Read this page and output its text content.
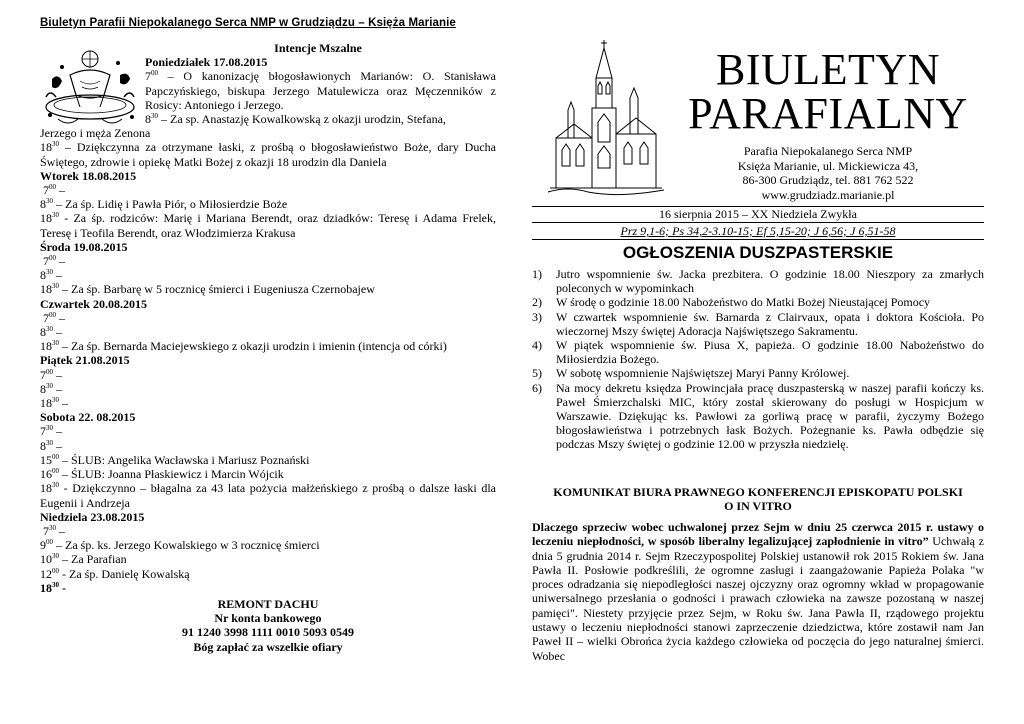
Biuletyn Parafii Niepokalanego Serca NMP w Grudziądzu – Księża Marianie
Intencje Mszalne
Poniedziałek 17.08.2015
$7^{00}$ – O kanonizację błogosławionych Marianów: O. Stanisława Papczyńskiego, biskupa Jerzego Matulewicza oraz Męczenników z Rosicy: Antoniego i Jerzego.
$8^{30}$ – Za sp. Anastazję Kowalkowską z okazji urodzin, Stefana,
Jerzego i męża Zenona
$18^{30}$ – Dziękczynna za otrzymane łaski, z prośbą o błogosławieństwo Boże, dary Ducha Świętego, zdrowie i opiekę Matki Bożej z okazji 18 urodzin dla Daniela
Wtorek 18.08.2015
$7^{00}$ –
$8^{30}$ – Za śp. Lidię i Pawła Piór, o Miłosierdzie Boże
$18^{30}$ - Za śp. rodziców: Marię i Mariana Berendt, oraz dziadków: Teresę i Adama Frelek, Teresę i Teofila Berendt, oraz Włodzimierza Krakusa
Środa 19.08.2015
$7^{00}$ –
$8^{30}$ –
$18^{30}$ – Za śp. Barbarę w 5 rocznicę śmierci i Eugeniusza Czernobajew
Czwartek 20.08.2015
$7^{00}$ –
$8^{30}$ –
$18^{30}$ – Za śp. Bernarda Maciejewskiego z okazji urodzin i imienin (intencja od córki)
Piątek 21.08.2015
$7^{00}$ –
$8^{30}$ –
$18^{30}$ –
Sobota 22. 08.2015
$7^{30}$ –
$8^{30}$ –
$15^{00}$ – ŚLUB: Angelika Wacławska i Mariusz Poznański
$16^{00}$ – ŚLUB: Joanna Płaskiewicz i Marcin Wójcik
$18^{30}$ - Dziękczynno – błagalna za 43 lata pożycia małżeńskiego z prośbą o dalsze łaski dla Eugenii i Andrzeja
Niedziela 23.08.2015
$7^{30}$ –
$9^{00}$ – Za śp. ks. Jerzego Kowalskiego w 3 rocznicę śmierci
$10^{30}$ – Za Parafian
$12^{00}$ - Za śp. Danielę Kowalską
$18^{30}$ -
REMONT DACHU
Nr konta bankowego
91 1240 3998 1111 0010 5093 0549
Bóg zapłać za wszelkie ofiary
BIULETYN
PARAFIALNY
Parafia Niepokalanego Serca NMP
Księża Marianie, ul. Mickiewicza 43,
86-300 Grudziądz, tel. 881 762 522
www.grudziadz.marianie.pl
16 sierpnia 2015 – XX Niedziela Zwykła
Prz 9,1-6; Ps 34,2-3.10-15; Ef 5,15-20; J 6,56; J 6,51-58
OGŁOSZENIA DUSZPASTERSKIE
1)	Jutro wspomnienie św. Jacka prezbitera. O godzinie 18.00 Nieszpory za zmarłych poleconych w wypominkach
2)	W środę o godzinie 18.00 Nabożeństwo do Matki Bożej Nieustającej Pomocy
3)	W czwartek wspomnienie św. Barnarda z Clairvaux, opata i doktora Kościoła. Po wieczornej Mszy świętej Adoracja Najświętszego Sakramentu.
4)	W piątek wspomnienie św. Piusa X, papieża. O godzinie 18.00 Nabożeństwo do Miłosierdzia Bożego.
5)	W sobotę wspomnienie Najświętszej Maryi Panny Królowej.
6)	Na mocy dekretu księdza Prowincjała pracę duszpasterską w naszej parafii kończy ks. Paweł Śmierzchalski MIC, który został skierowany do posługi w Hospicjum w Warszawie. Dziękując ks. Pawłowi za gorliwą pracę w parafii, życzymy Bożego błogosławieństwa i potrzebnych łask Bożych. Pożegnanie ks. Pawła odbędzie się podczas Mszy świętej o godzinie 12.00 w przyszła niedzielę.
KOMUNIKAT BIURA PRAWNEGO KONFERENCJI EPISKOPATU POLSKI
O IN VITRO
Dlaczego sprzeciw wobec uchwalonej przez Sejm w dniu 25 czerwca 2015 r. ustawy o leczeniu niepłodności, w sposób liberalny legalizującej zapłodnienie in vitro” Uchwałą z dnia 5 grudnia 2014 r. Sejm Rzeczypospolitej Polskiej ustanowił rok 2015 Rokiem św. Jana Pawła II. Posłowie podkreślili, że ogromne zasługi i zaangażowanie Papieża Polaka "w proces odradzania się niepodległości naszej ojczyzny oraz ogromny wkład w propagowanie uniwersalnego przesłania o godności i prawach człowieka na zawsze pozostaną w naszej pamięci". Niestety przyjęcie przez Sejm, w Roku św. Jana Pawła II, rządowego projektu ustawy o leczeniu niepłodności stanowi zaprzeczenie dziedzictwa, które zostawił nam Jan Paweł II – wielki Obrońca życia każdego człowieka od poczęcia do jego naturalnej śmierci. Wobec
